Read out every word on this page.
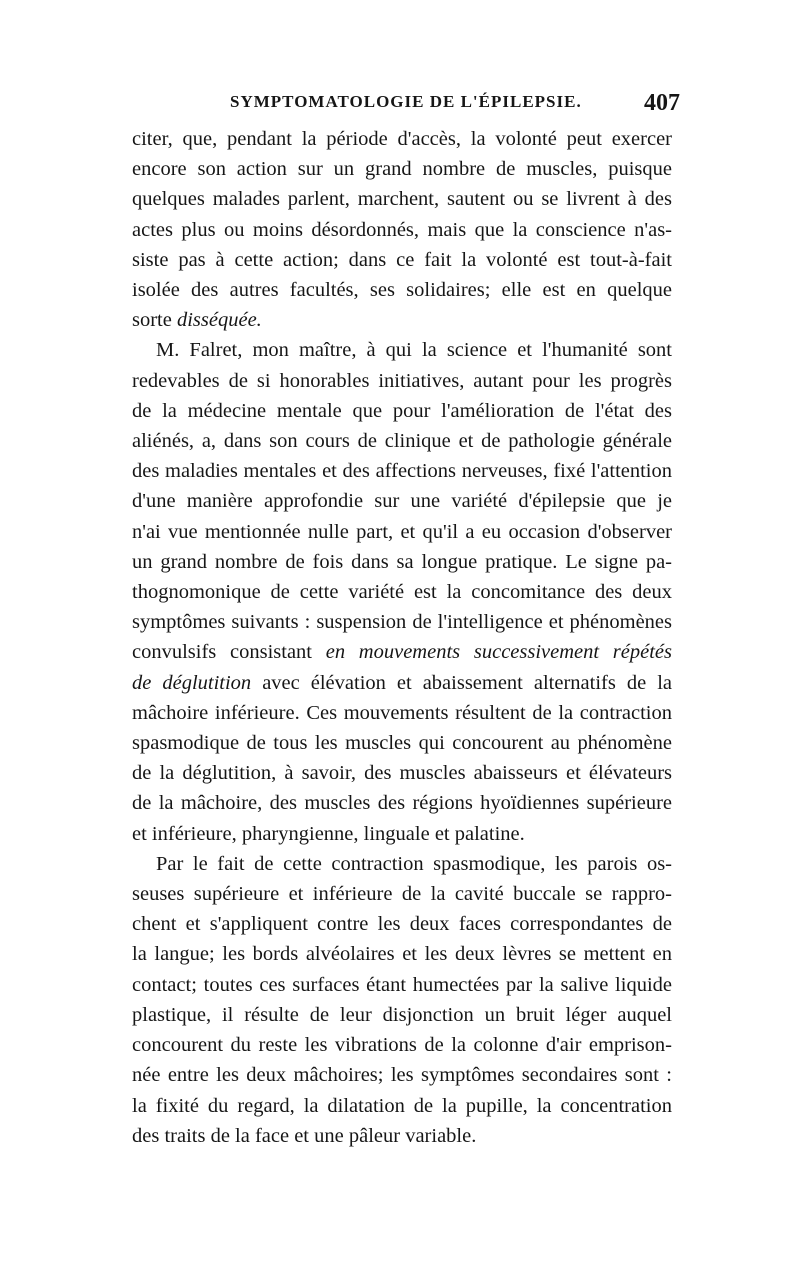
SYMPTOMATOLOGIE DE L'ÉPILEPSIE.	407
citer, que, pendant la période d'accès, la volonté peut exercer
encore son action sur un grand nombre de muscles, puisque
quelques malades parlent, marchent, sautent ou se livrent à des
actes plus ou moins désordonnés, mais que la conscience n'as-
siste pas à cette action; dans ce fait la volonté est tout-à-fait
isolée des autres facultés, ses solidaires; elle est en quelque
sorte disséquée.
M. Falret, mon maître, à qui la science et l'humanité sont
redevables de si honorables initiatives, autant pour les progrès
de la médecine mentale que pour l'amélioration de l'état des
aliénés, a, dans son cours de clinique et de pathologie générale
des maladies mentales et des affections nerveuses, fixé l'attention
d'une manière approfondie sur une variété d'épilepsie que je
n'ai vue mentionnée nulle part, et qu'il a eu occasion d'observer
un grand nombre de fois dans sa longue pratique. Le signe pa-
thognomonique de cette variété est la concomitance des deux
symptômes suivants : suspension de l'intelligence et phénomènes
convulsifs consistant en mouvements successivement répétés
de déglutition avec élévation et abaissement alternatifs de la
mâchoire inférieure. Ces mouvements résultent de la contraction
spasmodique de tous les muscles qui concourent au phénomène
de la déglutition, à savoir, des muscles abaisseurs et élévateurs
de la mâchoire, des muscles des régions hyoïdiennes supérieure
et inférieure, pharyngienne, linguale et palatine.
Par le fait de cette contraction spasmodique, les parois os-
seuses supérieure et inférieure de la cavité buccale se rappro-
chent et s'appliquent contre les deux faces correspondantes de
la langue; les bords alvéolaires et les deux lèvres se mettent en
contact; toutes ces surfaces étant humectées par la salive liquide
plastique, il résulte de leur disjonction un bruit léger auquel
concourent du reste les vibrations de la colonne d'air emprison-
née entre les deux mâchoires; les symptômes secondaires sont :
la fixité du regard, la dilatation de la pupille, la concentration
des traits de la face et une pâleur variable.
